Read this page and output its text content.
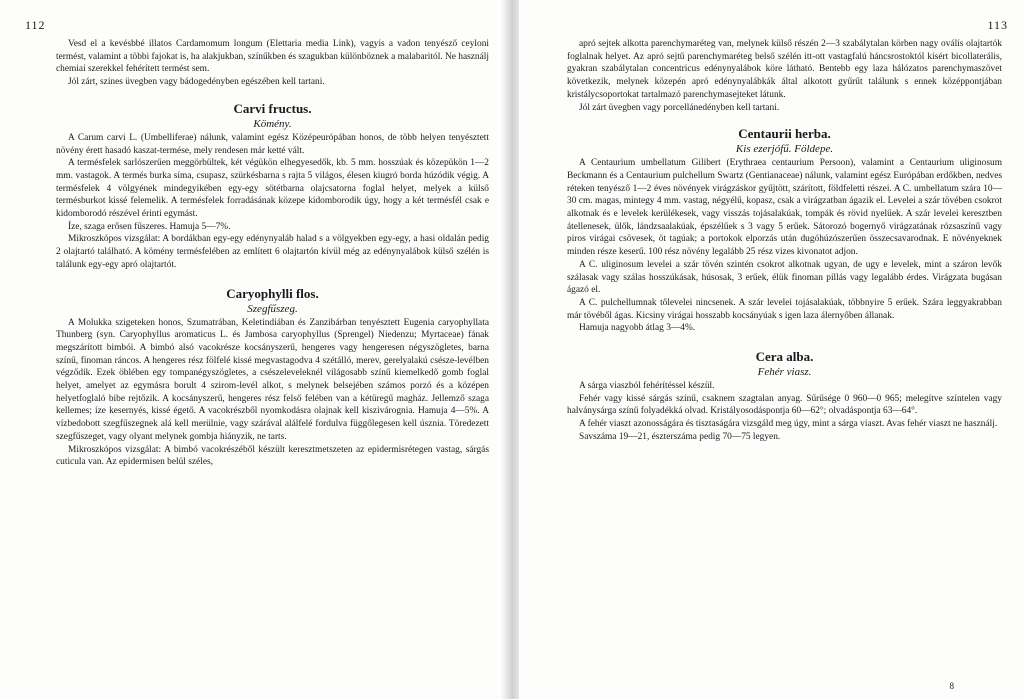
112

Vesd el a kevésbbé illatos Cardamomum longum (Elettaria media Link), vagyis a vadon tenyésző ceyloni termést, valamint a többi fajokat is, ha alakjukban, színűkben és szagukban különböznek a malabaritól. Ne használj chemiai szerekkel fehérített termést sem.

Jól zárt, színes üvegben vagy bádogedényben egészében kell tartani.

Carvi fructus.
Kömény.

A Carum carvi L. (Umbelliferae) nálunk, valamint egész Középeurópában honos, de több helyen tenyésztett növény érett hasadó kaszat-termése, mely rendesen már ketté vált.

A termésfelek sarlószerűen meggörbültek, két végükön elhegyesedők, kb. 5 mm. hosszúak és közepükön 1—2 mm. vastagok. A termés burka síma, csupasz, szürkésbarna s rajta 5 világos, élesen kiugró borda húzódik végig. A termésfelek 4 völgyének mindegyikében egy-egy sötétbarna olajcsatorna foglal helyet, melyek a külső termésburkot kissé felemelik. A termésfelek forradásának közepe kidomborodik úgy, hogy a két termésfél csak e kidomborodó részével érinti egymást.

Íze, szaga erősen fűszeres. Hamuja 5—7%.

Mikroszkópos vizsgálat: A bordákban egy-egy edénynyaláb halad s a völgyekben egy-egy, a hasi oldalán pedig 2 olajtartó található. A kömény termésfelében az említett 6 olajtartón kívül még az edénynyalábok külső szélén is találunk egy-egy apró olajtartót.

Caryophylli flos.
Szegfűszeg.

A Molukka szigeteken honos, Szumatrában, Keletindiában és Zanzibárban tenyésztett Eugenia caryophyllata Thunberg (syn. Caryophyllus aromaticus L. és Jambosa caryophyllus (Sprengel) Niedenzu; Myrtaceae) fának megszárított bimbói. A bimbó alsó vacokrésze kocsányszerű, hengeres vagy hengeresen négyszögletes, barna színű, finoman ráncos. A hengeres rész fölfelé kissé megvastagodva 4 szétálló, merev, gerelyalakú csésze-levélben végződik. Ezek öblében egy tompanégyszögletes, a csészeleveleknél világosabb színű kiemelkedő gomb foglal helyet, amelyet az egymásra borult 4 szirom-levél alkot, s melynek belsejében számos porzó és a középen helyetfoglaló bibe rejtőzik. A kocsányszerű, hengeres rész felső felében van a kétüregű magház. Jellemző szaga kellemes; íze kesernyés, kissé égető. A vacokrészből nyomkodásra olajnak kell kiszivárognia. Hamuja 4—5%. A vízbedobott szegfűszegnek alá kell merülnie, vagy szárával alálfelé fordulva függőlegesen kell úsznia. Töredezett szegfűszeget, vagy olyant melynek gombja hiányzik, ne tarts.

Mikroszkópos vizsgálat: A bimbó vacokrészéből készült keresztmetszeten az epidermisrétegen vastag, sárgás cuticula van. Az epidermisen belül széles,

113

apró sejtek alkotta parenchymaréteg van, melynek külső részén 2—3 szabálytalan körben nagy oválís olajtartók foglalnak helyet. Az apró sejtű parenchymaréteg belső szélén itt-ott vastagfalú háncsrostoktól kísért bicollaterális, gyakran szabálytalan concentricus edénynyalábok köre látható. Bentebb egy laza hálózatos parenchymaszövet következik, melynek közepén apró edénynyalábkák által alkotott gyűrűt találunk s ennek középpontjában kristálycsoportokat tartalmazó parenchymasejteket látunk.

Jól zárt üvegben vagy porcellánedényben kell tartani.

Centaurii herba.
Kis ezerjófű. Földepe.

A Centaurium umbellatum Gilibert (Erythraea centaurium Persoon), valamint a Centaurium uliginosum Beckmann és a Centaurium pulchellum Swartz (Gentianaceae) nálunk, valamint egész Európában erdőkben, nedves réteken tenyésző 1—2 éves növények virágzáskor gyűjtött, szárított, földfeletti részei. A C. umbellatum szára 10—30 cm. magas, mintegy 4 mm. vastag, négyélű, kopasz, csak a virágzatban ágazik el. Levelei a szár tövében csokrot alkotnak és e levelek kerülékesek, vagy visszás tojásalakúak, tompák és rövid nyelűek. A szár levelei keresztben átellenesek, ülők, lándzsaalakúak, épszélűek s 3 vagy 5 erűek. Sátorozó bogernyő virágzatának rózsaszínű vagy piros virágai csövesek, öt tagúak; a portokok elporzás után dugóhúzószerűen összecsavarodnak. E növényeknek minden része keserű. 100 rész növény legalább 25 rész vizes kivonatot adjon.

A C. uliginosum levelei a szár tövén szintén csokrot alkotnak ugyan, de ugy e levelek, mint a száron levők szálasak vagy szálas hosszúkásak, húsosak, 3 erűek, élük finoman pillás vagy legalább érdes. Virágzata bugásan ágazó el.

A C. pulchellumnak tőlevelei nincsenek. A szár levelei tojásalakúak, többnyire 5 erűek. Szára leggyakrabban már tövéből ágas. Kicsiny virágai hosszabb kocsányúak s igen laza álernyőben állanak.

Hamuja nagyobb átlag 3—4%.

Cera alba.
Fehér viasz.

A sárga viaszból fehérítéssel készül.

Fehér vagy kissé sárgás színű, csaknem szagtalan anyag. Sűrűsége 0 960—0 965; melegítve színtelen vagy halványsárga színű folyadékká olvad. Kristályosodáspontja 60—62°; olvadáspontja 63—64°.

A fehér viaszt azonosságára és tisztaságára vizsgáld meg úgy, mint a sárga viaszt. Avas fehér viaszt ne használj.

Savszáma 19—21, észterszáma pedig 70—75 legyen.

8
